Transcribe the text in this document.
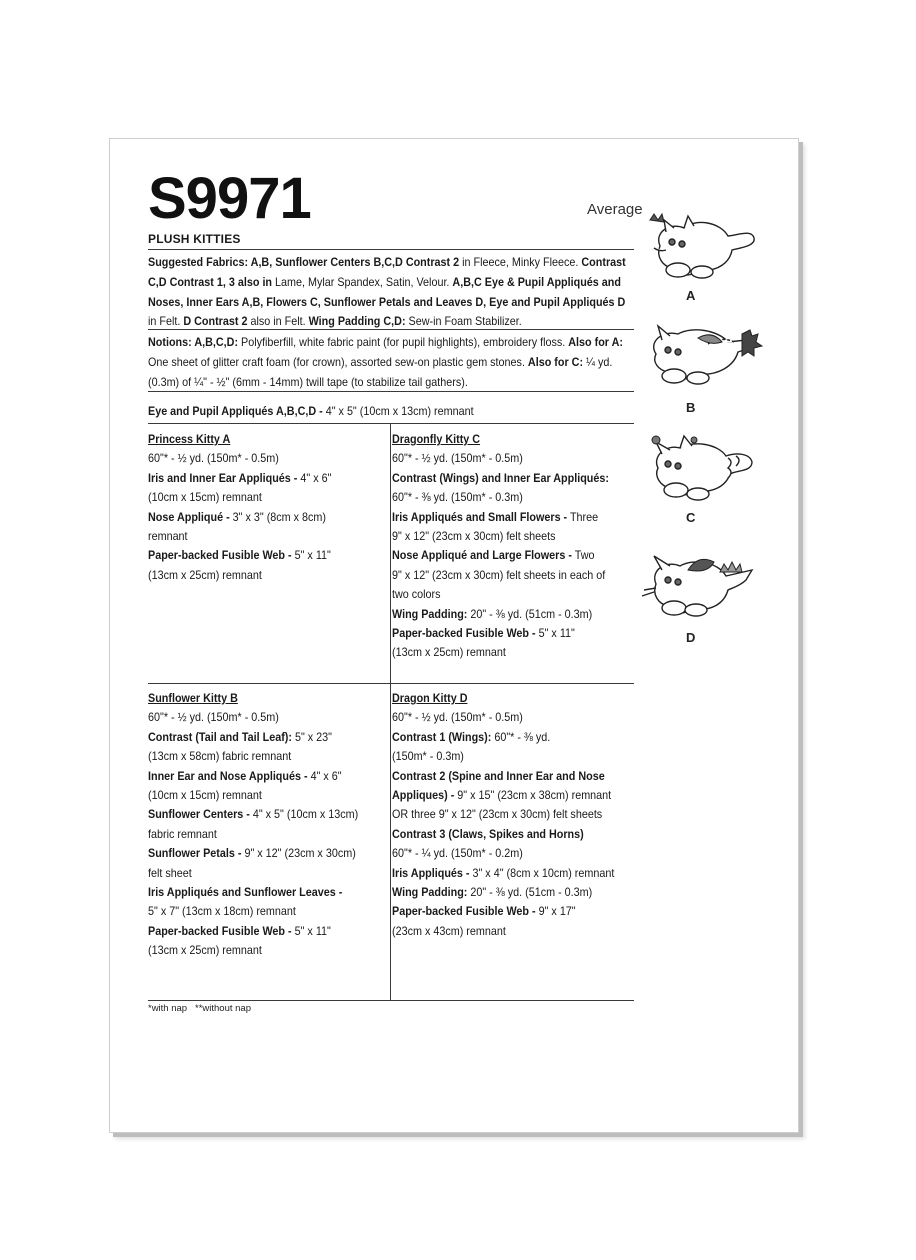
S9971	Average
PLUSH KITTIES
Suggested Fabrics: A,B, Sunflower Centers B,C,D Contrast 2 in Fleece, Minky Fleece. Contrast C,D Contrast 1, 3 also in Lame, Mylar Spandex, Satin, Velour. A,B,C Eye & Pupil Appliqués and Noses, Inner Ears A,B, Flowers C, Sunflower Petals and Leaves D, Eye and Pupil Appliqués D in Felt. D Contrast 2 also in Felt. Wing Padding C,D: Sew-in Foam Stabilizer.
Notions: A,B,C,D: Polyfiberfill, white fabric paint (for pupil highlights), embroidery floss. Also for A: One sheet of glitter craft foam (for crown), assorted sew-on plastic gem stones. Also for C: ¼ yd. (0.3m) of ¼" - ½" (6mm - 14mm) twill tape (to stabilize tail gathers).
Eye and Pupil Appliqués A,B,C,D - 4" x 5" (10cm x 13cm) remnant
Princess Kitty A
60"* - ½ yd. (150m* - 0.5m)
Iris and Inner Ear Appliqués - 4" x 6"
(10cm x 15cm) remnant
Nose Appliqué - 3" x 3" (8cm x 8cm)
remnant
Paper-backed Fusible Web - 5" x 11"
(13cm x 25cm) remnant
Dragonfly Kitty C
60"* - ½ yd. (150m* - 0.5m)
Contrast (Wings) and Inner Ear Appliqués:
60"* - ⅜ yd. (150m* - 0.3m)
Iris Appliqués and Small Flowers - Three
9" x 12" (23cm x 30cm) felt sheets
Nose Appliqué and Large Flowers - Two
9" x 12" (23cm x 30cm) felt sheets in each of
two colors
Wing Padding: 20" - ⅜ yd. (51cm - 0.3m)
Paper-backed Fusible Web - 5" x 11"
(13cm x 25cm) remnant
Sunflower Kitty B
60"* - ½ yd. (150m* - 0.5m)
Contrast (Tail and Tail Leaf): 5" x 23"
(13cm x 58cm) fabric remnant
Inner Ear and Nose Appliqués - 4" x 6"
(10cm x 15cm) remnant
Sunflower Centers - 4" x 5" (10cm x 13cm)
fabric remnant
Sunflower Petals - 9" x 12" (23cm x 30cm)
felt sheet
Iris Appliqués and Sunflower Leaves -
5" x 7" (13cm x 18cm) remnant
Paper-backed Fusible Web - 5" x 11"
(13cm x 25cm) remnant
Dragon Kitty D
60"* - ½ yd. (150m* - 0.5m)
Contrast 1 (Wings): 60"* - ⅜ yd.
(150m* - 0.3m)
Contrast 2 (Spine and Inner Ear and Nose
Appliques) - 9" x 15" (23cm x 38cm) remnant
OR three 9" x 12" (23cm x 30cm) felt sheets
Contrast 3 (Claws, Spikes and Horns)
60"* - ¼ yd. (150m* - 0.2m)
Iris Appliqués - 3" x 4" (8cm x 10cm) remnant
Wing Padding: 20" - ⅜ yd. (51cm - 0.3m)
Paper-backed Fusible Web - 9" x 17"
(23cm x 43cm) remnant
*with nap   **without nap
A
B
C
D
